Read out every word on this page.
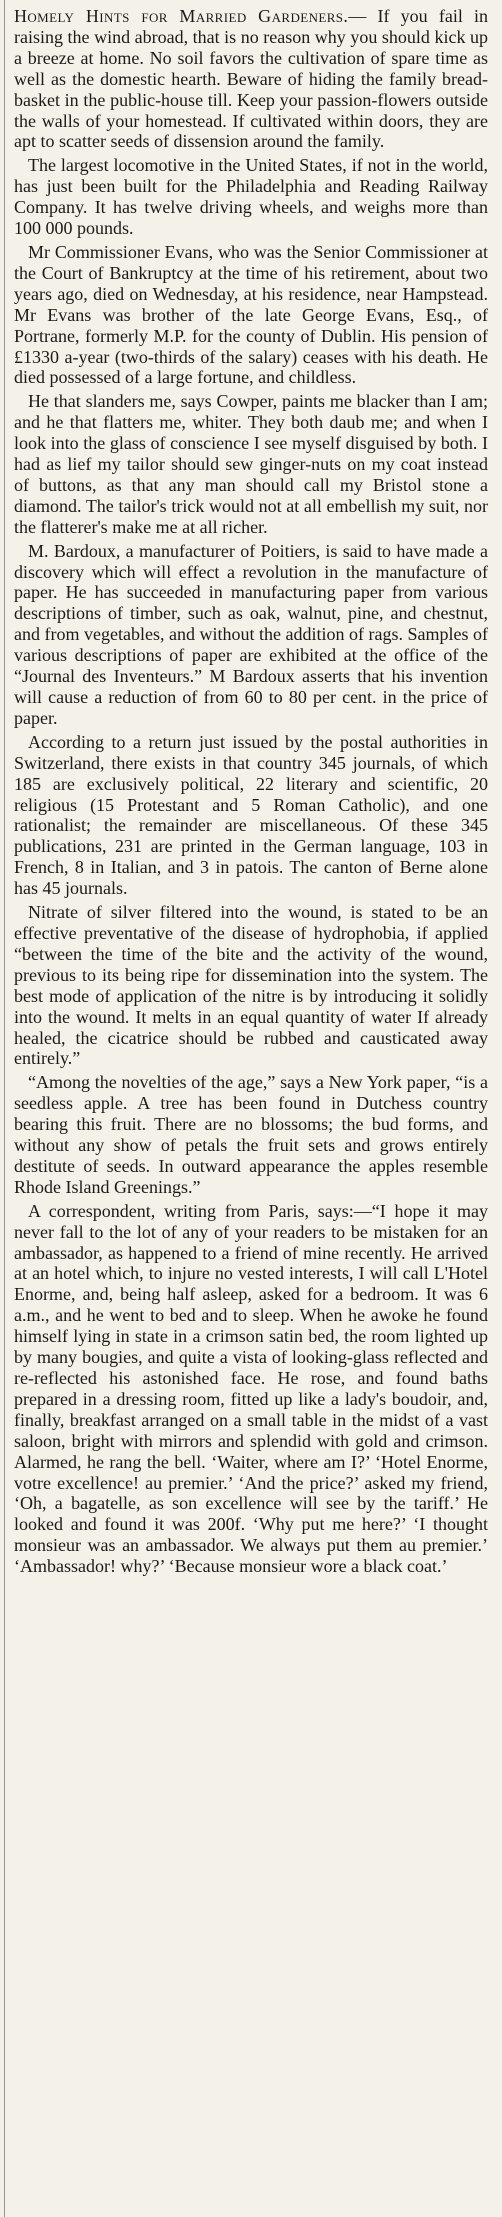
Homely Hints for Married Gardeners.— If you fail in raising the wind abroad, that is no reason why you should kick up a breeze at home. No soil favors the cultivation of spare time as well as the domestic hearth. Beware of hiding the family bread-basket in the public-house till. Keep your passion-flowers outside the walls of your homestead. If cultivated within doors, they are apt to scatter seeds of dissension around the family.

The largest locomotive in the United States, if not in the world, has just been built for the Philadelphia and Reading Railway Company. It has twelve driving wheels, and weighs more than 100 000 pounds.

Mr Commissioner Evans, who was the Senior Commissioner at the Court of Bankruptcy at the time of his retirement, about two years ago, died on Wednesday, at his residence, near Hampstead. Mr Evans was brother of the late George Evans, Esq., of Portrane, formerly M.P. for the county of Dublin. His pension of £1330 a-year (two-thirds of the salary) ceases with his death. He died possessed of a large fortune, and childless.

He that slanders me, says Cowper, paints me blacker than I am; and he that flatters me, whiter. They both daub me; and when I look into the glass of conscience I see myself disguised by both. I had as lief my tailor should sew ginger-nuts on my coat instead of buttons, as that any man should call my Bristol stone a diamond. The tailor's trick would not at all embellish my suit, nor the flatterer's make me at all richer.

M. Bardoux, a manufacturer of Poitiers, is said to have made a discovery which will effect a revolution in the manufacture of paper. He has succeeded in manufacturing paper from various descriptions of timber, such as oak, walnut, pine, and chestnut, and from vegetables, and without the addition of rags. Samples of various descriptions of paper are exhibited at the office of the “Journal des Inventeurs.” M Bardoux asserts that his invention will cause a reduction of from 60 to 80 per cent. in the price of paper.

According to a return just issued by the postal authorities in Switzerland, there exists in that country 345 journals, of which 185 are exclusively political, 22 literary and scientific, 20 religious (15 Protestant and 5 Roman Catholic), and one rationalist; the remainder are miscellaneous. Of these 345 publications, 231 are printed in the German language, 103 in French, 8 in Italian, and 3 in patois. The canton of Berne alone has 45 journals.

Nitrate of silver filtered into the wound, is stated to be an effective preventative of the disease of hydrophobia, if applied “between the time of the bite and the activity of the wound, previous to its being ripe for dissemination into the system. The best mode of application of the nitre is by introducing it solidly into the wound. It melts in an equal quantity of water If already healed, the cicatrice should be rubbed and causticated away entirely.”

“Among the novelties of the age,” says a New York paper, “is a seedless apple. A tree has been found in Dutchess country bearing this fruit. There are no blossoms; the bud forms, and without any show of petals the fruit sets and grows entirely destitute of seeds. In outward appearance the apples resemble Rhode Island Greenings.”

A correspondent, writing from Paris, says:—“I hope it may never fall to the lot of any of your readers to be mistaken for an ambassador, as happened to a friend of mine recently. He arrived at an hotel which, to injure no vested interests, I will call L'Hotel Enorme, and, being half asleep, asked for a bedroom. It was 6 a.m., and he went to bed and to sleep. When he awoke he found himself lying in state in a crimson satin bed, the room lighted up by many bougies, and quite a vista of looking-glass reflected and re-reflected his astonished face. He rose, and found baths prepared in a dressing room, fitted up like a lady's boudoir, and, finally, breakfast arranged on a small table in the midst of a vast saloon, bright with mirrors and splendid with gold and crimson. Alarmed, he rang the bell. ‘Waiter, where am I?’ ‘Hotel Enorme, votre excellence! au premier.’ ‘And the price?’ asked my friend, ‘Oh, a bagatelle, as son excellence will see by the tariff.’ He looked and found it was 200f. ‘Why put me here?’ ‘I thought monsieur was an ambassador. We always put them au premier.’ ‘Ambassador! why?’ ‘Because monsieur wore a black coat.’
